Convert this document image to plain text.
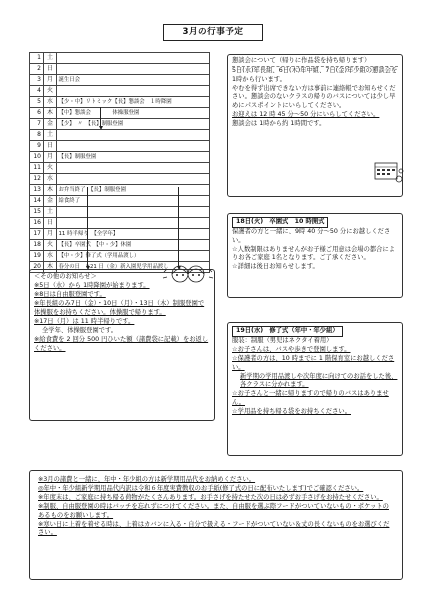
3月の行事予定
1	土	
2	日	
3	月	誕生日会
4	火	
5	水	【少・中】リトミック【長】懇談会　１時降園
6	木	【中】懇談会　　　　体操服登園
7	金	【少】　〃　【長】制服登園
8	土	
9	日	
10	月	【長】制服登園
11	火	
12	水	
13	木	お弁当終了　【長】制服登園
14	金	給食終了
15	土	
16	日	
17	月	11 時半帰り　【全学年】
18	火	【長】卒園式　【中・少】休園
19	水	【中・少】修了式（学用品渡し）
20	木	春分の日　※21 日（金）新入園児学用品渡し

懇談会について（帰りに作品袋を持ち帰ります）

5日(水)年長組、6日(木)年中組、7日(金)年少組の懇談会を 1時から行います。

やむを得ず出席できない方は事前に連絡帳でお知らせください。懇談会のないクラスの帰りのバスについては少し早めにパスポイントにいらしてください。

お迎えは 12 時 45 分～50 分にいらしてください。

懇談会は 1時から約 1時間です。

18日(火)　卒園式　10 時開式

保護者の方と一緒に、9時 40 分～50 分にお越しください。

☆人数制限はありませんがお子様ご用意は会場の都合によりお各ご家庭 1名となります。ご了承ください。

☆詳細は後日お知らせします。

＜その他のお知らせ＞

※5日（水）から 1時降園が始まります。

※8日は自由服登園です。

※年長組のみ7日（金）・10日（月）・13日（木）制服登園で体操服をお持ちください。体操服で帰ります。

※17日（月）は 11 時半帰りです。

全学年、体操服登園です。

※給食費を 2 回分 500 円ひいた額（諸費袋に記載）をお返しください。

19日(水)　修了式（年中・年少組）

服装：制服（男児はネクタイ着用）

☆お子さんは、バスや歩きで登園します。

☆保護者の方は、10 時までに 1 階保育室にお越しください。

新学期の学用品渡しや次年度に向けてのお話をした後、各クラスに分かれます。

☆お子さんと一緒に帰りますので帰りのバスはありません。

☆学用品を持ち帰る袋をお持ちください。

※3月の諸費と一緒に、年中・年少組の方は新学期用品代をお納めください。

◎年中・年少組新学期用品代内訳は令和６年度実費徴収のお手紙(修了式の日に配布いたします)でご確認ください。

※年度末は、ご家庭に持ち帰る荷物がたくさんあります。お手さげを持たせた次の日は必ずお手さげをお持たせください。

※制服、自由服登園の時はバッチを忘れずにつけてください。また、自由服を選ぶ際フードがついていないもの・ポケットのあるものをお願いします。

※寒い日に上着を着せる時は、上着はカバンに入る・自分で扱える・フードがついていない＆丈の長くないものをお選びください。
